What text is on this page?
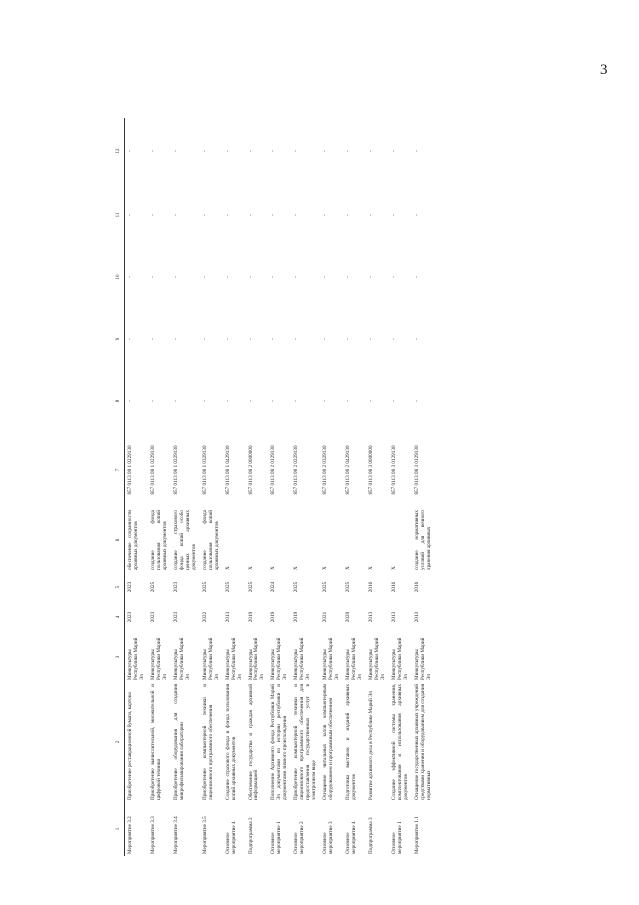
3
1	2	3	4	5	6	7	8	9	10	11	12
Мероприятие 3.2	Приобретение реставрационной бумаги, картона	Минкультуры Республики Марий Эл	2023	2023	обеспечение сохранности архивных документов	857 0113 08 1 0229130	-	-	-	-	-
Мероприятие 3.3	Приобретение вычислительной, множительной и цифровой техники	Минкультуры Республики Марий Эл	2023	2025	создание фонда пользования копий архивных документов	857 0113 08 1 0229130	-	-	-	-	-
Мероприятие 3.4	Приобретение оборудования для создания микрофильмирования лаборатории	Минкультуры Республики Марий Эл	2023	2023	создание страхового фонда копий особо ценных архивных документов	857 0113 08 1 0229130	-	-	-	-	-
Мероприятие 3.5	Приобретение компьютерной техники и лицензионного программного обеспечения	Минкультуры Республики Марий Эл	2022	2025	создание фонда пользования копий архивных документов	857 0113 08 1 0329130	-	-	-	-	-
Основное мероприятие 4	Создание страхового фонда и фонда пользования копий архивных документов	Минкультуры Республики Марий Эл	2013	2025	X	857 0113 08 1 0429130	-	-	-	-	-
Подпрограмма 2	Обеспечение государства и граждан архивной информацией	Минкультуры Республики Марий Эл	2019	2025	X	857 0113 08 2 0000000	-	-	-	-	-
Основное мероприятие 1	Пополнение Архивного фонда Республики Марий Эл документами по истории республики и документами личного происхождения	Минкультуры Республики Марий Эл	2019	2024	X	857 0113 08 2 0129130	-	-	-	-	-
Основное мероприятие 2	Приобретение компьютерной техники и лицензионного программного обеспечения для предоставления государственных услуг в электронном виде	Минкультуры Республики Марий Эл	2019	2025	X	857 0113 08 2 0229130	-	-	-	-	-
Основное мероприятие 3	Оснащение читальных залов компьютерным оборудованием и программным обеспечением	Минкультуры Республики Марий Эл	2021	2025	X	857 0113 08 2 0329130	-	-	-	-	-
Основное мероприятие 4	Подготовка выставок и изданий архивных документов	Минкультуры Республики Марий Эл	2020	2025	X	857 0113 08 2 0429130	-	-	-	-	-
Подпрограмма 3	Развитие архивного дела в Республике Марий Эл	Минкультуры Республики Марий Эл	2013	2016	X	857 0113 08 3 0000000	-	-	-	-	-
Основное мероприятие 1	Создание эффективной системы хранения, комплектования и использования архивных документов	Минкультуры Республики Марий Эл	2013	2016	X	857 0113 08 3 0129130	-	-	-	-	-
Мероприятие 1.1	Оснащение государственных архивных учреждений средствами хранения и оборудованием для создания нормативных	Минкультуры Республики Марий Эл	2013	2016	создание нормативных условий для вечного хранения архивных	857 0113 08 3 0129130	-	-	-	-	-
